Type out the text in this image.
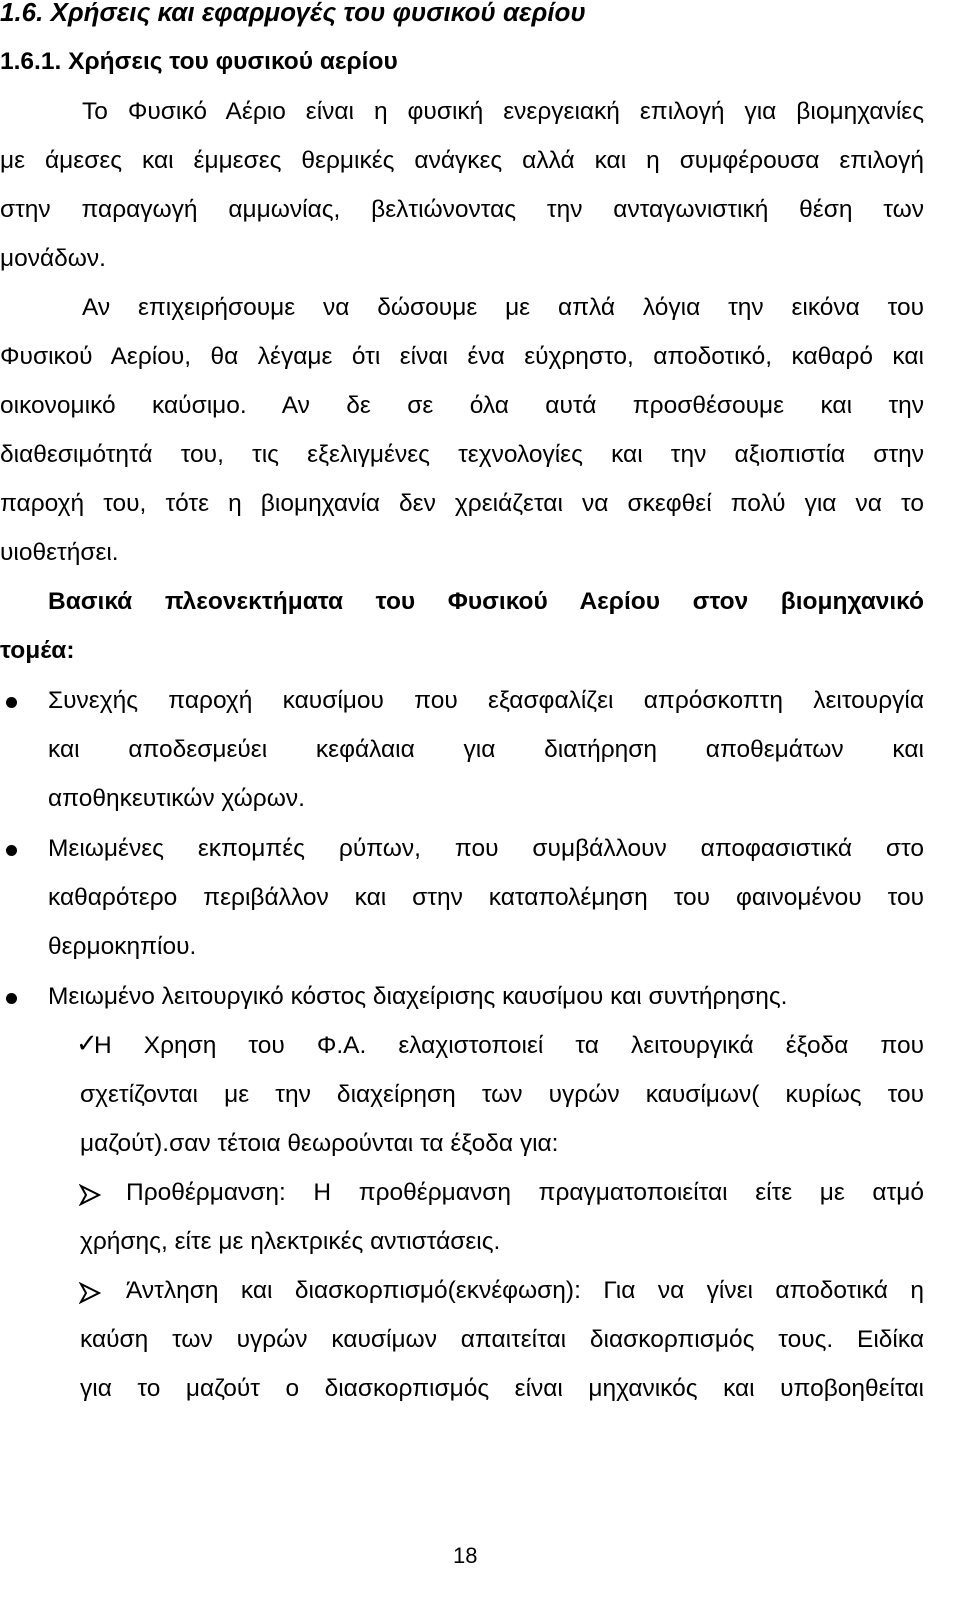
1.6. Χρήσεις και εφαρμογές του φυσικού αερίου
1.6.1. Χρήσεις του φυσικού αερίου
Το Φυσικό Αέριο είναι η φυσική ενεργειακή επιλογή για βιομηχανίες
με άμεσες και έμμεσες θερμικές ανάγκες αλλά και η συμφέρουσα επιλογή
στην παραγωγή αμμωνίας, βελτιώνοντας την ανταγωνιστική θέση των
μονάδων.
Αν επιχειρήσουμε να δώσουμε με απλά λόγια την εικόνα του
Φυσικού Αερίου, θα λέγαμε ότι είναι ένα εύχρηστο, αποδοτικό, καθαρό και
οικονομικό καύσιμο. Αν δε σε όλα αυτά προσθέσουμε και την
διαθεσιμότητά του, τις εξελιγμένες τεχνολογίες και την αξιοπιστία στην
παροχή του, τότε η βιομηχανία δεν χρειάζεται να σκεφθεί πολύ για να το
υιοθετήσει.
Βασικά πλεονεκτήματα του Φυσικού Αερίου στον βιομηχανικό
τομέα:
Συνεχής παροχή καυσίμου που εξασφαλίζει απρόσκοπτη λειτουργία
και αποδεσμεύει κεφάλαια για διατήρηση αποθεμάτων και
αποθηκευτικών χώρων.
Μειωμένες εκπομπές ρύπων, που συμβάλλουν αποφασιστικά στο
καθαρότερο περιβάλλον και στην καταπολέμηση του φαινομένου του
θερμοκηπίου.
Μειωμένο λειτουργικό κόστος διαχείρισης καυσίμου και συντήρησης.
✓
Η Χρηση του Φ.Α. ελαχιστοποιεί τα λειτουργικά έξοδα που
σχετίζονται με την διαχείρηση των υγρών καυσίμων( κυρίως του
μαζούτ).σαν τέτοια θεωρούνται τα έξοδα για:
Προθέρμανση: Η προθέρμανση πραγματοποιείται είτε με ατμό
χρήσης, είτε με ηλεκτρικές αντιστάσεις.
Άντληση και διασκορπισμό(εκνέφωση): Για να γίνει αποδοτικά η
καύση των υγρών καυσίμων απαιτείται διασκορπισμός τους. Ειδίκα
για το μαζούτ ο διασκορπισμός είναι μηχανικός και υποβοηθείται
18
